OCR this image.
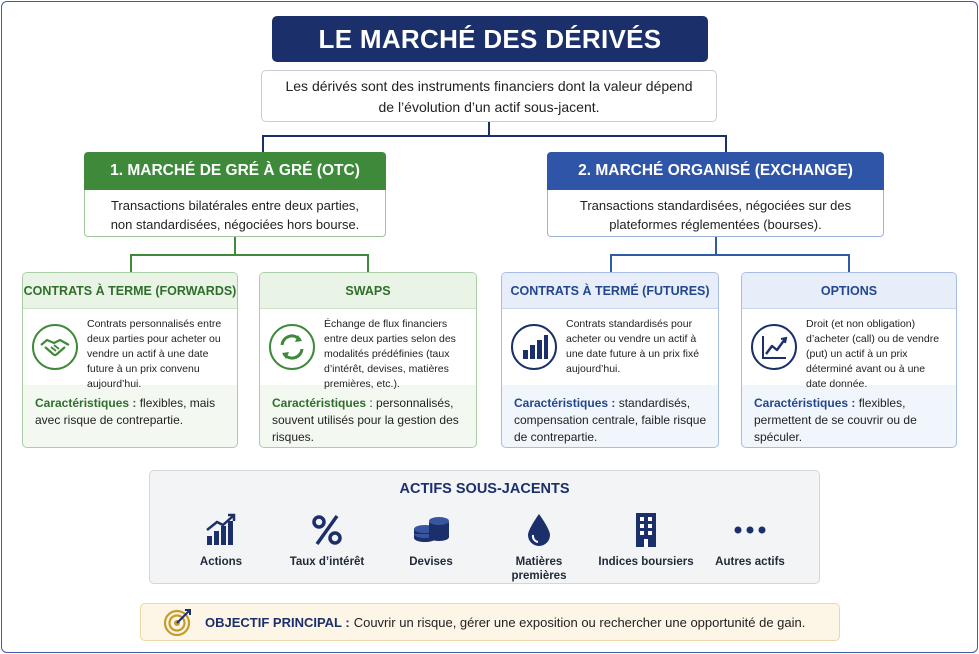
LE MARCHÉ DES DÉRIVÉS
Les dérivés sont des instruments financiers dont la valeur dépend
de l’évolution d’un actif sous-jacent.
1. MARCHÉ DE GRÉ À GRÉ (OTC)
Transactions bilatérales entre deux parties,
non standardisées, négociées hors bourse.
2. MARCHÉ ORGANISÉ (EXCHANGE)
Transactions standardisées, négociées sur des
plateformes réglementées (bourses).
CONTRATS À TERME (FORWARDS)
Contrats personnalisés entre deux parties pour acheter ou vendre un actif à une date future à un prix convenu aujourd’hui.
Caractéristiques : flexibles, mais avec risque de contrepartie.
SWAPS
Échange de flux financiers entre deux parties selon des modalités prédéfinies (taux d’intérêt, devises, matières premières, etc.).
Caractéristiques : personnalisés, souvent utilisés pour la gestion des risques.
CONTRATS À TERMÉ (FUTURES)
Contrats standardisés pour acheter ou vendre un actif à une date future à un prix fixé aujourd’hui.
Caractéristiques : standardisés, compensation centrale, faible risque de contrepartie.
OPTIONS
Droit (et non obligation) d’acheter (call) ou de vendre (put) un actif à un prix déterminé avant ou à une date donnée.
Caractéristiques : flexibles, permettent de se couvrir ou de spéculer.
ACTIFS SOUS-JACENTS
Actions	Taux d’intérêt	Devises	Matières premières
Indices boursiers	Autres actifs
OBJECTIF PRINCIPAL : Couvrir un risque, gérer une exposition ou rechercher une opportunité de gain.
